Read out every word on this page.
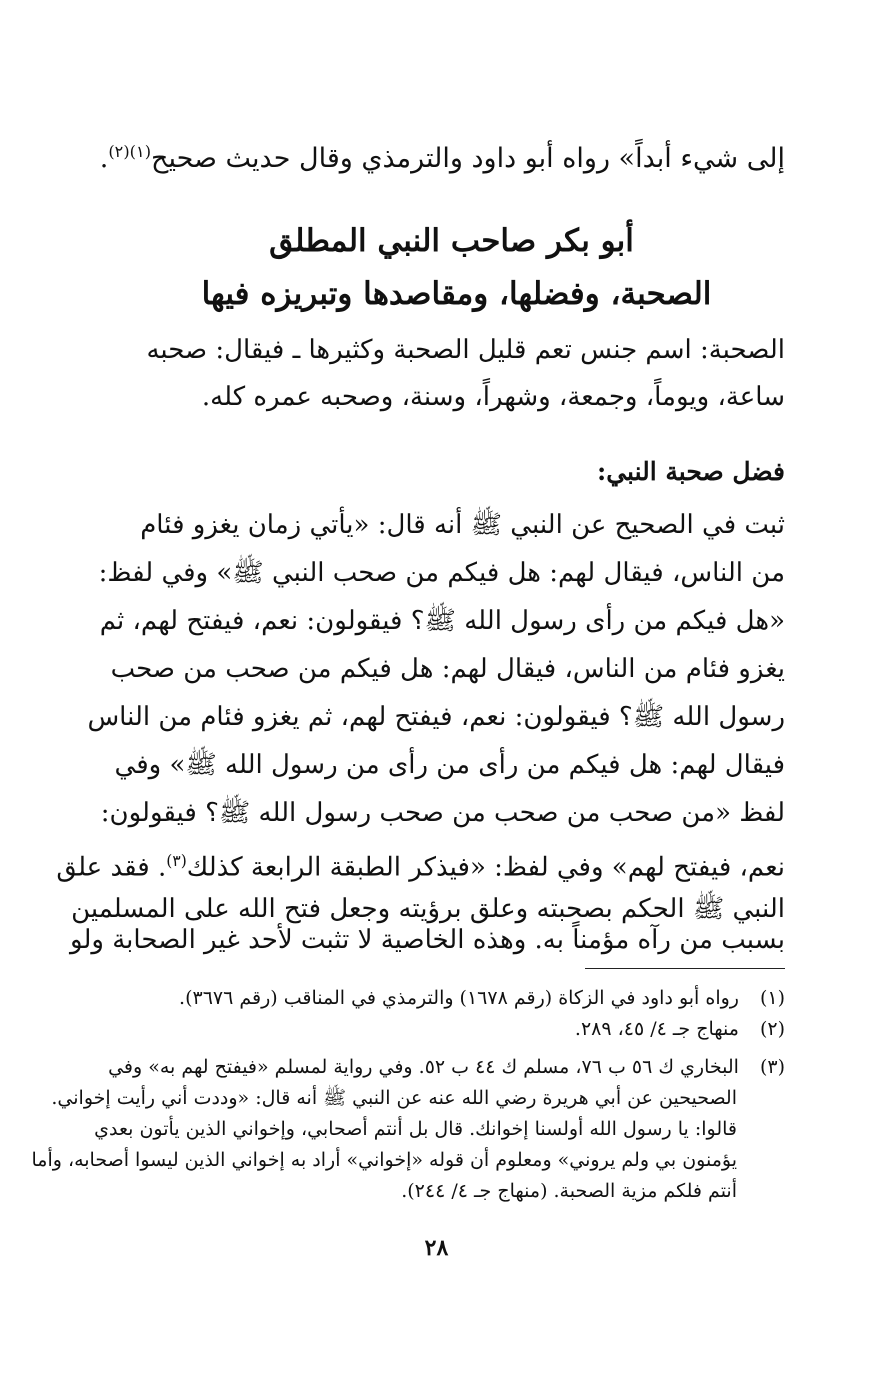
إلى شيء أبداً» رواه أبو داود والترمذي وقال حديث صحيح$^{(١)(٢)}$.
أبو بكر صاحب النبي المطلق
الصحبة، وفضلها، ومقاصدها وتبريزه فيها
الصحبة: اسم جنس تعم قليل الصحبة وكثيرها ـ فيقال: صحبه
ساعة، ويوماً، وجمعة، وشهراً، وسنة، وصحبه عمره كله.
فضل صحبة النبي:
ثبت في الصحيح عن النبي ﷺ أنه قال: «يأتي زمان يغزو فئام
من الناس، فيقال لهم: هل فيكم من صحب النبي ﷺ» وفي لفظ:
«هل فيكم من رأى رسول الله ﷺ؟ فيقولون: نعم، فيفتح لهم، ثم
يغزو فئام من الناس، فيقال لهم: هل فيكم من صحب من صحب
رسول الله ﷺ؟ فيقولون: نعم، فيفتح لهم، ثم يغزو فئام من الناس
فيقال لهم: هل فيكم من رأى من رأى من رسول الله ﷺ» وفي
لفظ «من صحب من صحب من صحب رسول الله ﷺ؟ فيقولون:
نعم، فيفتح لهم» وفي لفظ: «فيذكر الطبقة الرابعة كذلك$^{(٣)}$. فقد علق
النبي ﷺ الحكم بصحبته وعلق برؤيته وجعل فتح الله على المسلمين
بسبب من رآه مؤمناً به. وهذه الخاصية لا تثبت لأحد غير الصحابة ولو
(١) رواه أبو داود في الزكاة (رقم ١٦٧٨) والترمذي في المناقب (رقم ٣٦٧٦).
(٢) منهاج جـ ٤/ ٤٥، ٢٨٩.
(٣) البخاري ك ٥٦ ب ٧٦، مسلم ك ٤٤ ب ٥٢. وفي رواية لمسلم «فيفتح لهم به» وفي
الصحيحين عن أبي هريرة رضي الله عنه عن النبي ﷺ أنه قال: «وددت أني رأيت إخواني.
قالوا: يا رسول الله أولسنا إخوانك. قال بل أنتم أصحابي، وإخواني الذين يأتون بعدي
يؤمنون بي ولم يروني» ومعلوم أن قوله «إخواني» أراد به إخواني الذين ليسوا أصحابه، وأما
أنتم فلكم مزية الصحبة. (منهاج جـ ٤/ ٢٤٤).
٢٨
